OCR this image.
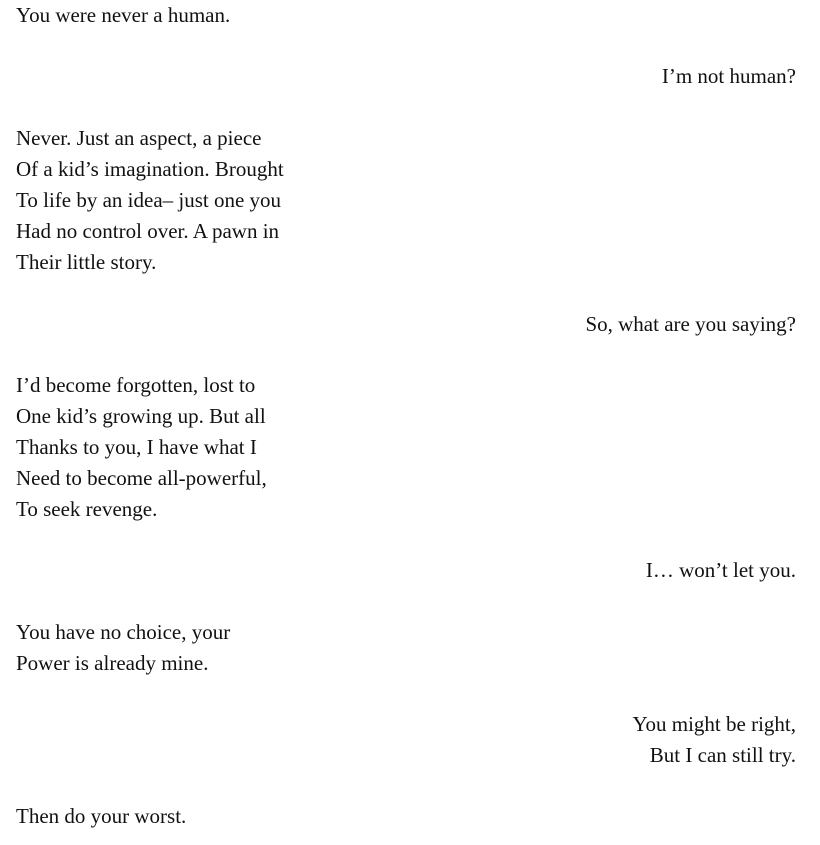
You were never a human.
I’m not human?
Never. Just an aspect, a piece
Of a kid’s imagination. Brought
To life by an idea– just one you
Had no control over. A pawn in
Their little story.
So, what are you saying?
I’d become forgotten, lost to
One kid’s growing up. But all
Thanks to you, I have what I
Need to become all-powerful,
To seek revenge.
I… won’t let you.
You have no choice, your
Power is already mine.
You might be right,
But I can still try.
Then do your worst.
